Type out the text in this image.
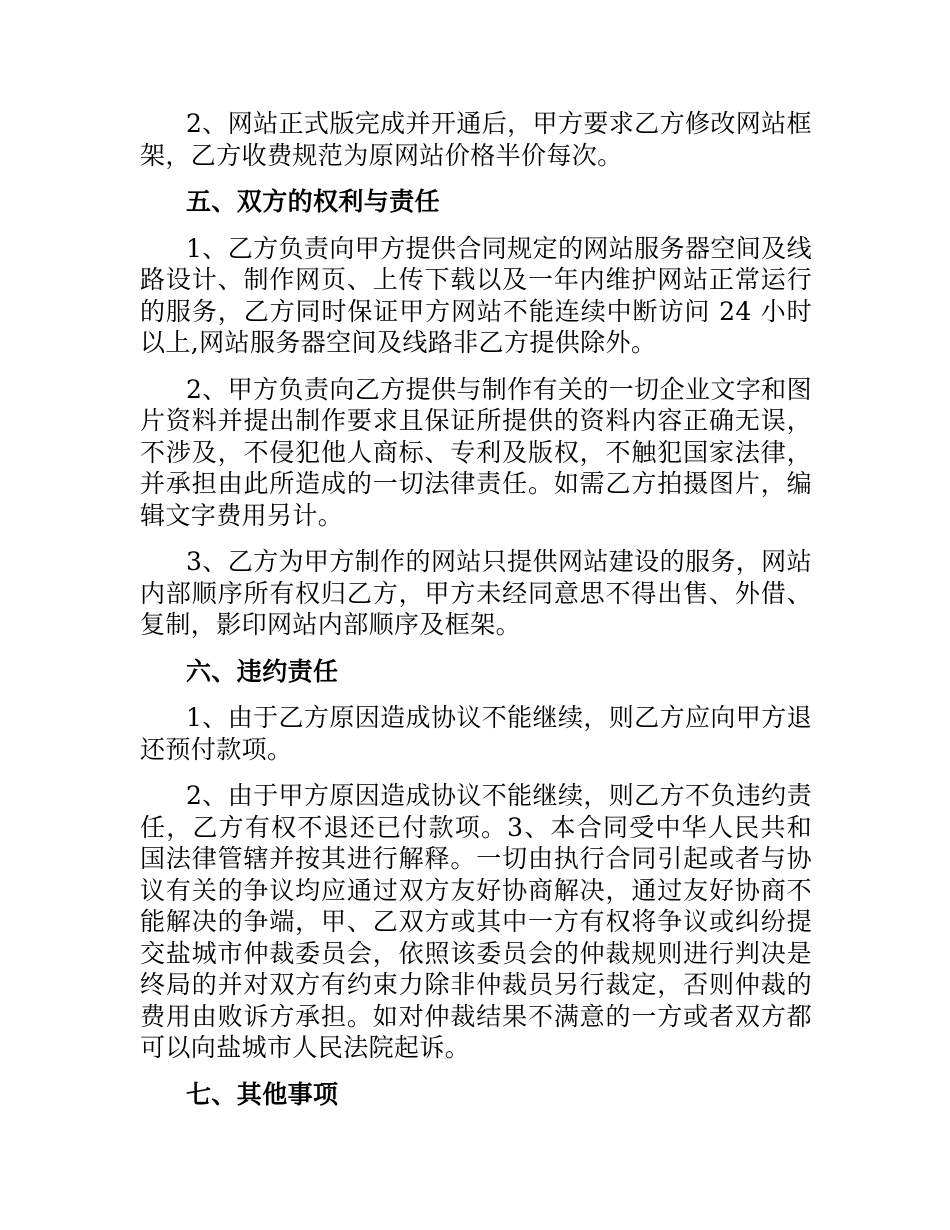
2、网站正式版完成并开通后，甲方要求乙方修改网站框架，乙方收费规范为原网站价格半价每次。

五、双方的权利与责任

1、乙方负责向甲方提供合同规定的网站服务器空间及线路设计、制作网页、上传下载以及一年内维护网站正常运行的服务，乙方同时保证甲方网站不能连续中断访问 24 小时以上,网站服务器空间及线路非乙方提供除外。

2、甲方负责向乙方提供与制作有关的一切企业文字和图片资料并提出制作要求且保证所提供的资料内容正确无误，不涉及，不侵犯他人商标、专利及版权，不触犯国家法律，并承担由此所造成的一切法律责任。如需乙方拍摄图片，编辑文字费用另计。

3、乙方为甲方制作的网站只提供网站建设的服务，网站内部顺序所有权归乙方，甲方未经同意思不得出售、外借、复制，影印网站内部顺序及框架。

六、违约责任

1、由于乙方原因造成协议不能继续，则乙方应向甲方退还预付款项。

2、由于甲方原因造成协议不能继续，则乙方不负违约责任，乙方有权不退还已付款项。3、本合同受中华人民共和国法律管辖并按其进行解释。一切由执行合同引起或者与协议有关的争议均应通过双方友好协商解决，通过友好协商不能解决的争端，甲、乙双方或其中一方有权将争议或纠纷提交盐城市仲裁委员会，依照该委员会的仲裁规则进行判决是终局的并对双方有约束力除非仲裁员另行裁定，否则仲裁的费用由败诉方承担。如对仲裁结果不满意的一方或者双方都可以向盐城市人民法院起诉。

七、其他事项
